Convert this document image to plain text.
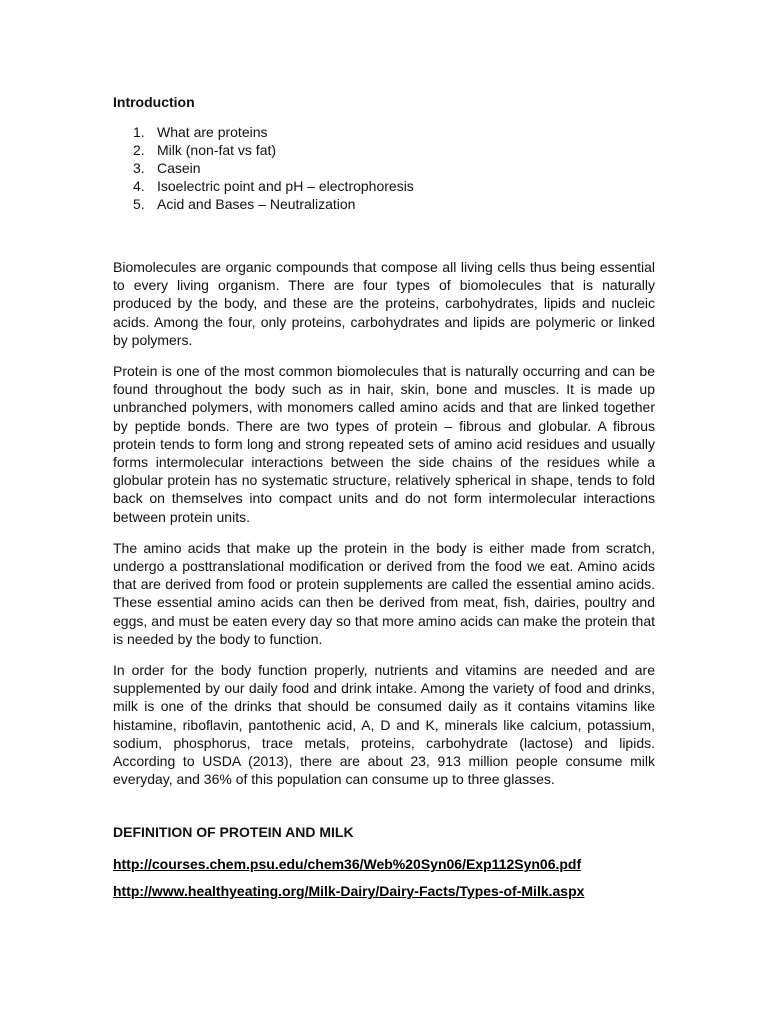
Introduction
1. What are proteins
2. Milk (non-fat vs fat)
3. Casein
4. Isoelectric point and pH – electrophoresis
5. Acid and Bases – Neutralization

Biomolecules are organic compounds that compose all living cells thus being essential to every living organism. There are four types of biomolecules that is naturally produced by the body, and these are the proteins, carbohydrates, lipids and nucleic acids. Among the four, only proteins, carbohydrates and lipids are polymeric or linked by polymers.

Protein is one of the most common biomolecules that is naturally occurring and can be found throughout the body such as in hair, skin, bone and muscles. It is made up unbranched polymers, with monomers called amino acids and that are linked together by peptide bonds. There are two types of protein – fibrous and globular. A fibrous protein tends to form long and strong repeated sets of amino acid residues and usually forms intermolecular interactions between the side chains of the residues while a globular protein has no systematic structure, relatively spherical in shape, tends to fold back on themselves into compact units and do not form intermolecular interactions between protein units.

The amino acids that make up the protein in the body is either made from scratch, undergo a posttranslational modification or derived from the food we eat. Amino acids that are derived from food or protein supplements are called the essential amino acids. These essential amino acids can then be derived from meat, fish, dairies, poultry and eggs, and must be eaten every day so that more amino acids can make the protein that is needed by the body to function.

In order for the body function properly, nutrients and vitamins are needed and are supplemented by our daily food and drink intake. Among the variety of food and drinks, milk is one of the drinks that should be consumed daily as it contains vitamins like histamine, riboflavin, pantothenic acid, A, D and K, minerals like calcium, potassium, sodium, phosphorus, trace metals, proteins, carbohydrate (lactose) and lipids. According to USDA (2013), there are about 23, 913 million people consume milk everyday, and 36% of this population can consume up to three glasses.

DEFINITION OF PROTEIN AND MILK
http://courses.chem.psu.edu/chem36/Web%20Syn06/Exp112Syn06.pdf
http://www.healthyeating.org/Milk-Dairy/Dairy-Facts/Types-of-Milk.aspx
